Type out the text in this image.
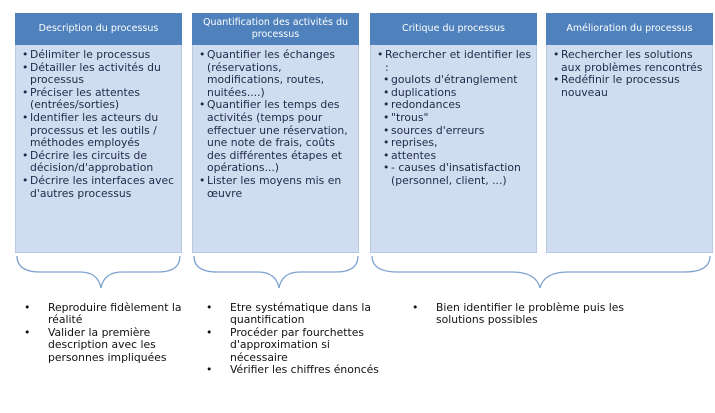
Description du processus
• Délimiter le processus
• Détailler les activités du processus
• Préciser les attentes (entrées/sorties)
• Identifier les acteurs du processus et les outils / méthodes employés
• Décrire les circuits de décision/d'approbation
• Décrire les interfaces avec d'autres processus
Quantification des activités du processus
• Quantifier les échanges (réservations, modifications, routes, nuitées....)
• Quantifier les temps des activités (temps pour effectuer une réservation, une note de frais, coûts des différentes étapes et opérations...)
• Lister les moyens mis en œuvre
Critique du processus
• Rechercher et identifier les :
• goulots d'étranglement
• duplications
• redondances
• "trous"
• sources d'erreurs
• reprises,
• attentes
• - causes d'insatisfaction (personnel, client, ...)
Amélioration du processus
• Rechercher les solutions aux problèmes rencontrés
• Redéfinir le processus nouveau
• Reproduire fidèlement la réalité
• Valider la première description avec les personnes impliquées
• Etre systématique dans la quantification
• Procéder par fourchettes d'approximation si nécessaire
• Vérifier les chiffres énoncés
• Bien identifier le problème puis les solutions possibles
